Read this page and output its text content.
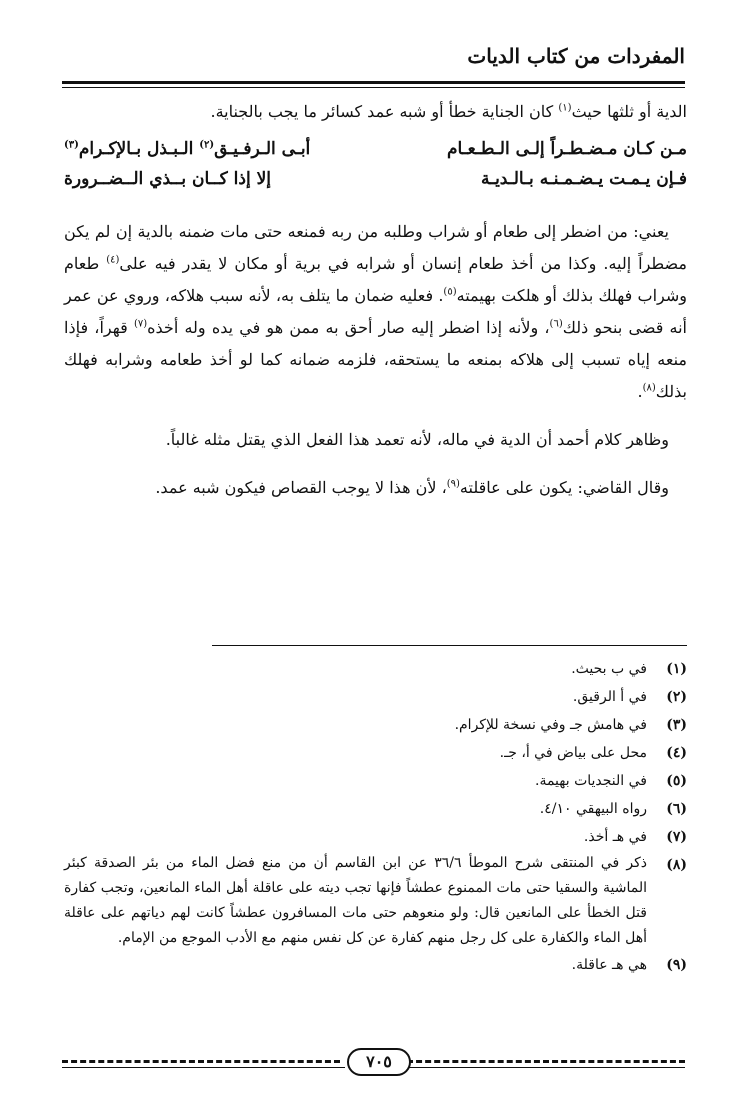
المفردات من كتاب الديات

الدية أو ثلثها حيث$^{(١)}$ كان الجناية خطأ أو شبه عمد كسائر ما يجب بالجناية.

مـن كـان مـضـطـراً إلـى الـطـعـام
أبـى الـرفـيـق$^{(٢)}$ الـبـذل بـالإكـرام$^{(٣)}$
فـإن يـمـت يـضـمـنـه بـالـديـة
إلا إذا كــان بــذي الــضــرورة

يعني: من اضطر إلى طعام أو شراب وطلبه من ربه فمنعه حتى مات ضمنه بالدية إن لم يكن مضطراً إليه. وكذا من أخذ طعام إنسان أو شرابه في برية أو مكان لا يقدر فيه على$^{(٤)}$ طعام وشراب فهلك بذلك أو هلكت بهيمته$^{(٥)}$. فعليه ضمان ما يتلف به، لأنه سبب هلاكه، وروي عن عمر أنه قضى بنحو ذلك$^{(٦)}$، ولأنه إذا اضطر إليه صار أحق به ممن هو في يده وله أخذه$^{(٧)}$ قهراً، فإذا منعه إياه تسبب إلى هلاكه بمنعه ما يستحقه، فلزمه ضمانه كما لو أخذ طعامه وشرابه فهلك بذلك$^{(٨)}$.

وظاهر كلام أحمد أن الدية في ماله، لأنه تعمد هذا الفعل الذي يقتل مثله غالباً.

وقال القاضي: يكون على عاقلته$^{(٩)}$، لأن هذا لا يوجب القصاص فيكون شبه عمد.

(١)
في ب بحيث.
(٢)
في أ الرقيق.
(٣)
في هامش جـ وفي نسخة للإكرام.
(٤)
محل على بياض في أ، جـ.
(٥)
في النجديات بهيمة.
(٦)
رواه البيهقي ٤/١٠.
(٧)
في هـ أخذ.
(٨)
ذكر في المنتقى شرح الموطأ ٣٦/٦ عن ابن القاسم أن من منع فضل الماء من بئر الصدقة كبئر الماشية والسقيا حتى مات الممنوع عطشاً فإنها تجب ديته على عاقلة أهل الماء المانعين، وتجب كفارة قتل الخطأ على المانعين قال: ولو منعوهم حتى مات المسافرون عطشاً كانت لهم دياتهم على عاقلة أهل الماء والكفارة على كل رجل منهم كفارة عن كل نفس منهم مع الأدب الموجع من الإمام.
(٩)
هي هـ عاقلة.
٧٠٥
